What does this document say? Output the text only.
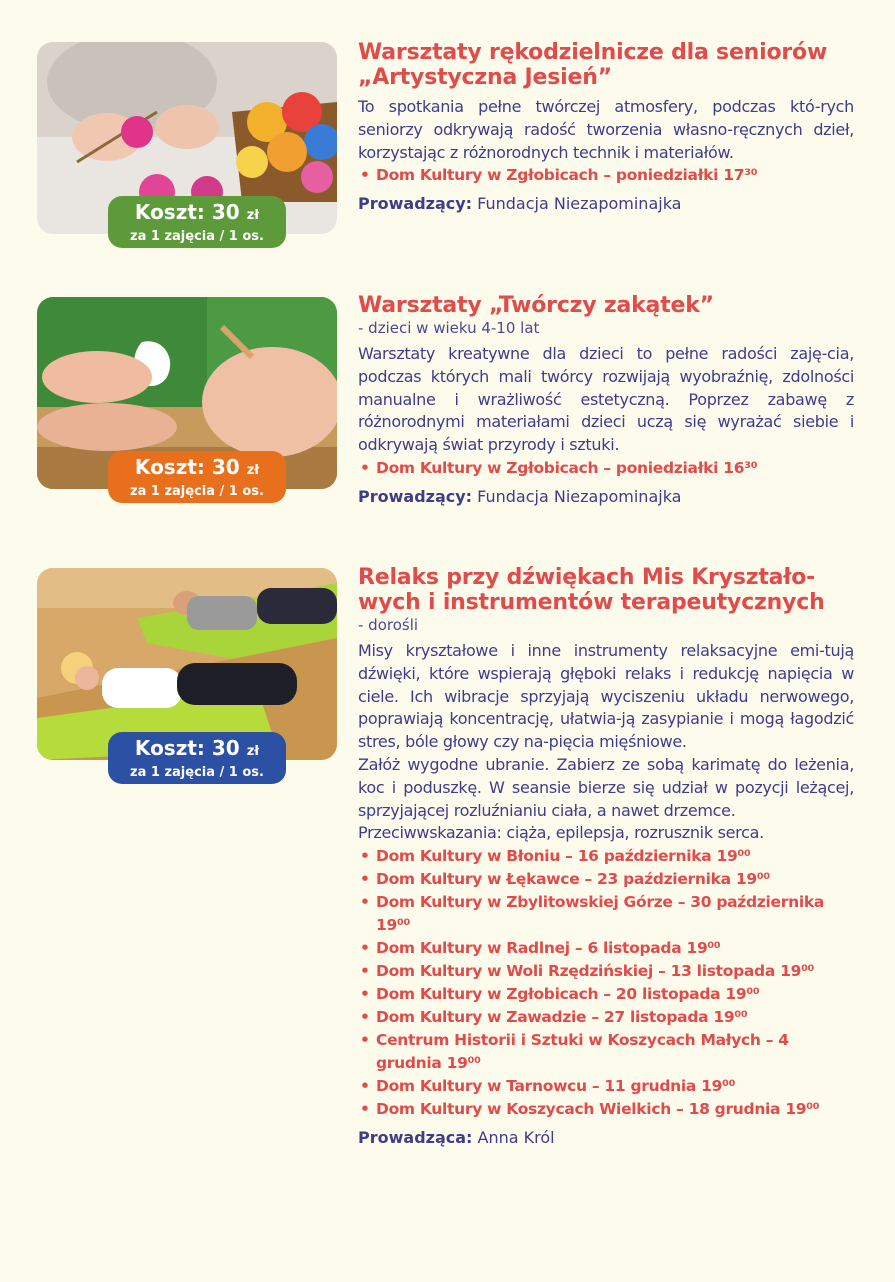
Koszt: 30 zł
za 1 zajęcia / 1 os.
Warsztaty rękodzielnicze dla seniorów
„Artystyczna Jesień”

To spotkania pełne twórczej atmosfery, podczas któ-rych seniorzy odkrywają radość tworzenia własno-ręcznych dzieł, korzystając z różnorodnych technik i materiałów.

• Dom Kultury w Zgłobicach – poniedziałki 17³⁰
Prowadzący: Fundacja Niezapominajka
Koszt: 30 zł
za 1 zajęcia / 1 os.
Warsztaty „Twórczy zakątek”

- dzieci w wieku 4-10 lat

Warsztaty kreatywne dla dzieci to pełne radości zaję-cia, podczas których mali twórcy rozwijają wyobraźnię, zdolności manualne i wrażliwość estetyczną. Poprzez zabawę z różnorodnymi materiałami dzieci uczą się wyrażać siebie i odkrywają świat przyrody i sztuki.

• Dom Kultury w Zgłobicach – poniedziałki 16³⁰
Prowadzący: Fundacja Niezapominajka
Koszt: 30 zł
za 1 zajęcia / 1 os.
Relaks przy dźwiękach Mis Kryształo-
wych i instrumentów terapeutycznych

- dorośli

Misy kryształowe i inne instrumenty relaksacyjne emi-tują dźwięki, które wspierają głęboki relaks i redukcję napięcia w ciele. Ich wibracje sprzyjają wyciszeniu układu nerwowego, poprawiają koncentrację, ułatwia-ją zasypianie i mogą łagodzić stres, bóle głowy czy na-pięcia mięśniowe.

Załóż wygodne ubranie. Zabierz ze sobą karimatę do leżenia, koc i poduszkę. W seansie bierze się udział w pozycji leżącej, sprzyjającej rozluźnianiu ciała, a nawet drzemce.

Przeciwwskazania: ciąża, epilepsja, rozrusznik serca.

• Dom Kultury w Błoniu – 16 października 19⁰⁰
• Dom Kultury w Łękawce – 23 października 19⁰⁰
• Dom Kultury w Zbylitowskiej Górze – 30 października 19⁰⁰
• Dom Kultury w Radlnej – 6 listopada 19⁰⁰
• Dom Kultury w Woli Rzędzińskiej – 13 listopada 19⁰⁰
• Dom Kultury w Zgłobicach – 20 listopada 19⁰⁰
• Dom Kultury w Zawadzie – 27 listopada 19⁰⁰
• Centrum Historii i Sztuki w Koszycach Małych – 4 grudnia 19⁰⁰
• Dom Kultury w Tarnowcu – 11 grudnia 19⁰⁰
• Dom Kultury w Koszycach Wielkich – 18 grudnia 19⁰⁰
Prowadząca: Anna Król
